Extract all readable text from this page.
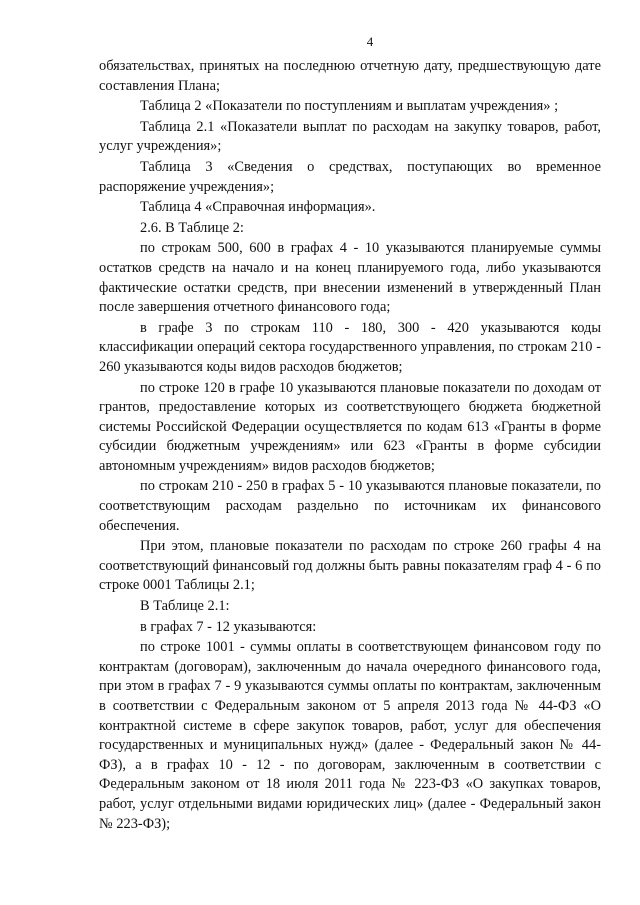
4

обязательствах, принятых на последнюю отчетную дату, предшествующую дате составления Плана;

Таблица 2 «Показатели по поступлениям и выплатам учреждения» ;

Таблица 2.1 «Показатели выплат по расходам на закупку товаров, работ, услуг учреждения»;

Таблица 3 «Сведения о средствах, поступающих во временное распоряжение учреждения»;

Таблица 4 «Справочная информация».

2.6. В Таблице 2:

по строкам 500, 600 в графах 4 - 10 указываются планируемые суммы остатков средств на начало и на конец планируемого года, либо указываются фактические остатки средств, при внесении изменений в утвержденный План после завершения отчетного финансового года;

в графе 3 по строкам 110 - 180, 300 - 420 указываются коды классификации операций сектора государственного управления, по строкам 210 - 260 указываются коды видов расходов бюджетов;

по строке 120 в графе 10 указываются плановые показатели по доходам от грантов, предоставление которых из соответствующего бюджета бюджетной системы Российской Федерации осуществляется по кодам 613 «Гранты в форме субсидии бюджетным учреждениям» или 623 «Гранты в форме субсидии автономным учреждениям» видов расходов бюджетов;

по строкам 210 - 250 в графах 5 - 10 указываются плановые показатели, по соответствующим расходам раздельно по источникам их финансового обеспечения.

При этом, плановые показатели по расходам по строке 260 графы 4 на соответствующий финансовый год должны быть равны показателям граф 4 - 6 по строке 0001 Таблицы 2.1;

В Таблице 2.1:

в графах 7 - 12 указываются:

по строке 1001 - суммы оплаты в соответствующем финансовом году по контрактам (договорам), заключенным до начала очередного финансового года, при этом в графах 7 - 9 указываются суммы оплаты по контрактам, заключенным в соответствии с Федеральным законом от 5 апреля 2013 года № 44-ФЗ «О контрактной системе в сфере закупок товаров, работ, услуг для обеспечения государственных и муниципальных нужд» (далее - Федеральный закон № 44-ФЗ), а в графах 10 - 12 - по договорам, заключенным в соответствии с Федеральным законом от 18 июля 2011 года № 223-ФЗ «О закупках товаров, работ, услуг отдельными видами юридических лиц» (далее - Федеральный закон № 223-ФЗ);
